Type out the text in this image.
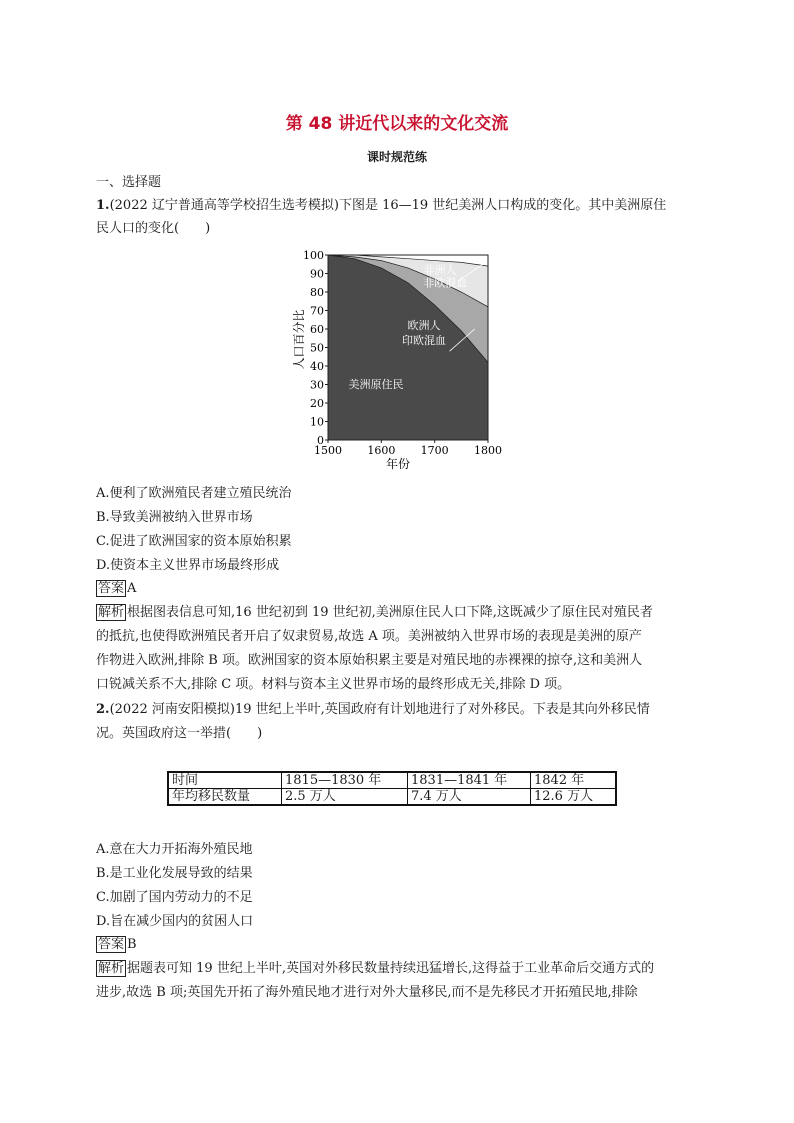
第 48 讲近代以来的文化交流
课时规范练
一、选择题
1.(2022 辽宁普通高等学校招生选考模拟)下图是 16—19 世纪美洲人口构成的变化。其中美洲原住
民人口的变化(　　)
0
10
20
30
40
50
60
70
80
90
100
1500 1600 1700 1800
年份
人口百分比
美洲原住民
欧洲人
印欧混血
非洲人
非欧混血
A.便利了欧洲殖民者建立殖民统治
B.导致美洲被纳入世界市场
C.促进了欧洲国家的资本原始积累
D.使资本主义世界市场最终形成
答案 A
解析 根据图表信息可知,16 世纪初到 19 世纪初,美洲原住民人口下降,这既减少了原住民对殖民者
的抵抗,也使得欧洲殖民者开启了奴隶贸易,故选 A 项。美洲被纳入世界市场的表现是美洲的原产
作物进入欧洲,排除 B 项。欧洲国家的资本原始积累主要是对殖民地的赤裸裸的掠夺,这和美洲人
口锐减关系不大,排除 C 项。材料与资本主义世界市场的最终形成无关,排除 D 项。
2.(2022 河南安阳模拟)19 世纪上半叶,英国政府有计划地进行了对外移民。下表是其向外移民情
况。英国政府这一举措(　　)
时间	1815—1830 年	1831—1841 年	1842 年
年均移民数量	2.5 万人	7.4 万人	12.6 万人
A.意在大力开拓海外殖民地
B.是工业化发展导致的结果
C.加剧了国内劳动力的不足
D.旨在减少国内的贫困人口
答案 B
解析 据题表可知 19 世纪上半叶,英国对外移民数量持续迅猛增长,这得益于工业革命后交通方式的
进步,故选 B 项;英国先开拓了海外殖民地才进行对外大量移民,而不是先移民才开拓殖民地,排除
